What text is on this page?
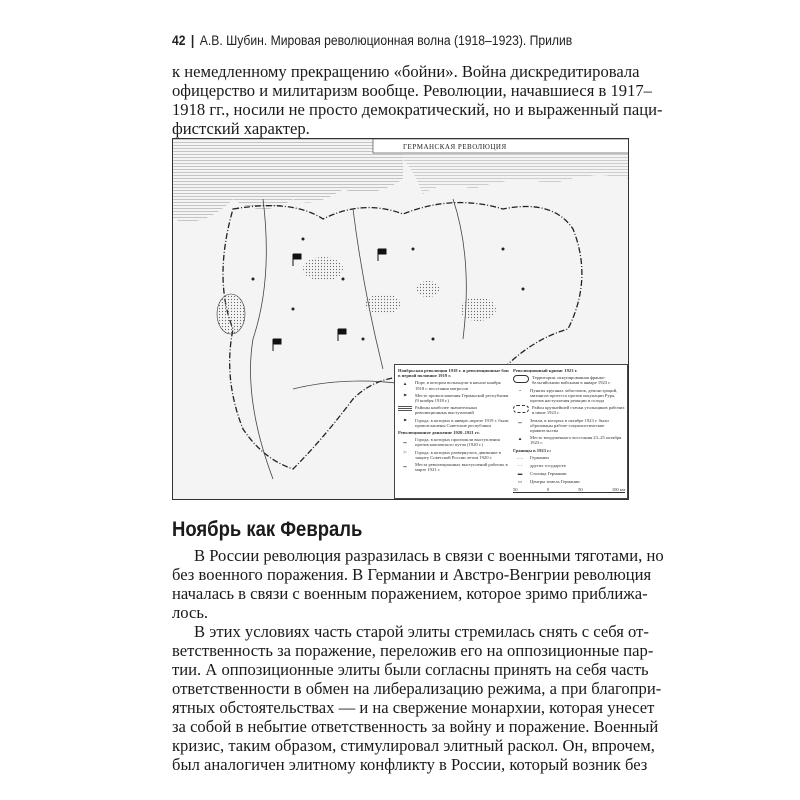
42 | А.В. Шубин. Мировая революционная волна (1918–1923). Прилив
к немедленному прекращению «бойни». Война дискредитировала
офицерство и милитаризм вообще. Революции, начавшиеся в 1917–
1918 гг., носили не просто демократический, но и выраженный паци-
фистский характер.
ГЕРМАНСКАЯ РЕВОЛЮЦИЯ
Ноябрьская революция 1918 г. и революционные бои в первой половине 1919 г.
▲	Порт, в котором вспыхнули в начале ноября 1918 г. восстания матросов
⚑	Место провозглашения Германской республики (9 ноября 1918 г.)
Районы наиболее значительных революционных выступлений
⚑	Города, в которых в январе–апреле 1919 г. были провозглашены Советские республики
Революционное движение 1920–1921 гг.
▁	Города, в которых произошли выступления против капповского путча (1920 г.)
⚐	Города, в которых развернулось движение в защиту Советской России летом 1920 г.
▁	Места революционных выступлений рабочих в марте 1921 г.
Революционный кризис 1923 г.
Территория, оккупированная франко-бельгийскими войсками в январе 1923 г.
•	Пункты крупных забастовок, демонстраций, митингов протеста против оккупации Рура, против наступления реакции и голода
Район крупнейшей стачки угольщиков рабочих в июне 1923 г.
▁	Земли, в которых в октябре 1923 г. были образованы рабоче-социалистические правительства
▲	Место вооруженного восстания 23–25 октября 1923 г.
Границы в 1923 г.:
‒·‒	Германии
- -	других государств
▬	Столица Германии
▭	Центры земель Германии
50	0	50	100 км
Ноябрь как Февраль
В России революция разразилась в связи с военными тяготами, но
без военного поражения. В Германии и Австро-Венгрии революция
началась в связи с военным поражением, которое зримо приближа-
лось.
В этих условиях часть старой элиты стремилась снять с себя от-
ветственность за поражение, переложив его на оппозиционные пар-
тии. А оппозиционные элиты были согласны принять на себя часть
ответственности в обмен на либерализацию режима, а при благопри-
ятных обстоятельствах — и на свержение монархии, которая унесет
за собой в небытие ответственность за войну и поражение. Военный
кризис, таким образом, стимулировал элитный раскол. Он, впрочем,
был аналогичен элитному конфликту в России, который возник без
